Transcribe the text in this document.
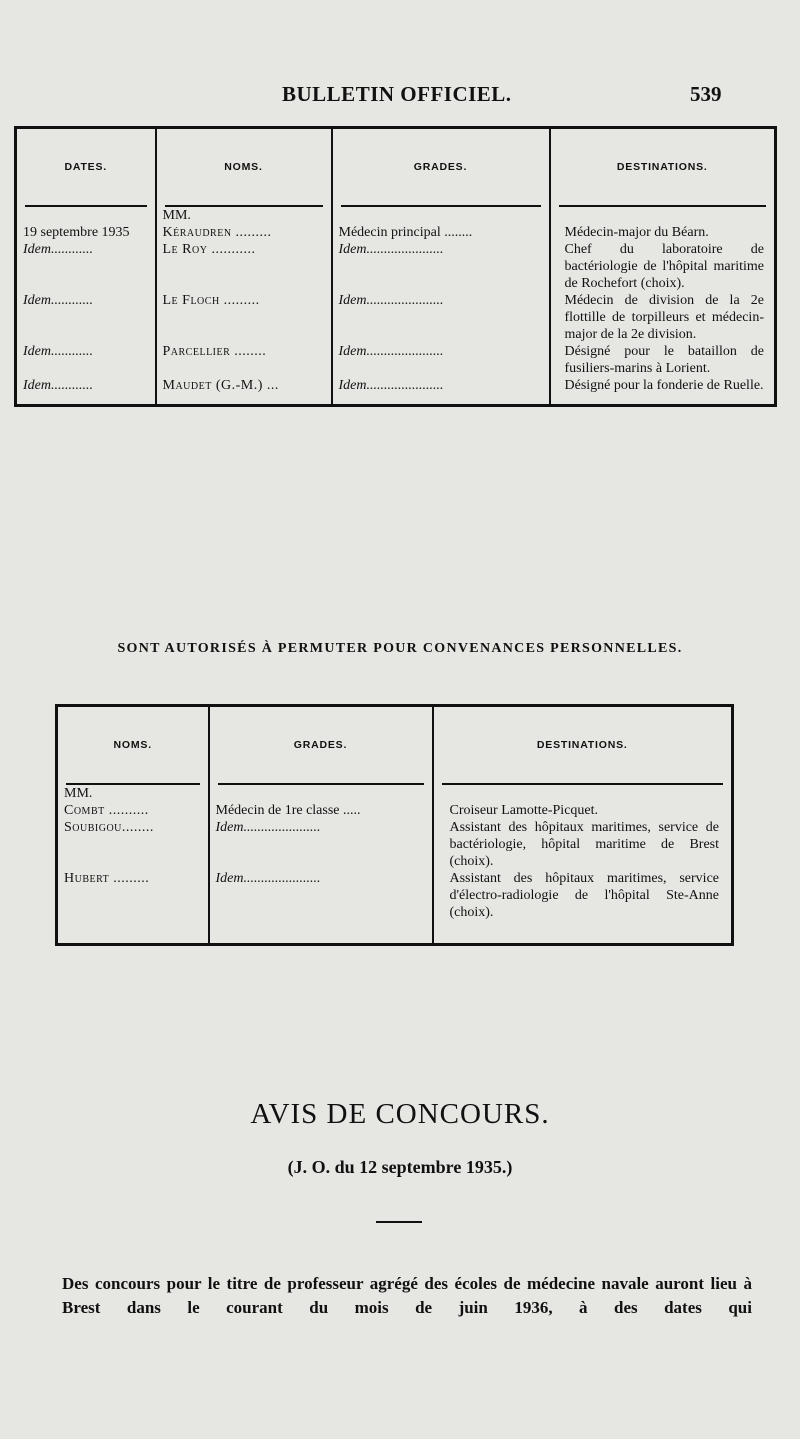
BULLETIN OFFICIEL.	539
DATES.	NOMS.	GRADES.	DESTINATIONS.
	MM.		
19 septembre 1935	Kéraudren .........	Médecin principal ........	Médecin-major du Béarn.
Idem............	Le Roy ...........	Idem......................	Chef du laboratoire de bactériologie de l'hôpital maritime de Rochefort (choix).
Idem............	Le Floch .........	Idem......................	Médecin de division de la 2e flottille de torpilleurs et médecin-major de la 2e division.
Idem............	Parcellier ........	Idem......................	Désigné pour le bataillon de fusiliers-marins à Lorient.
Idem............	Maudet (G.-M.) ...	Idem......................	Désigné pour la fonderie de Ruelle.

SONT AUTORISÉS À PERMUTER POUR CONVENANCES PERSONNELLES.
NOMS.	GRADES.	DESTINATIONS.
MM.		
Combt ..........	Médecin de 1re classe .....	Croiseur Lamotte-Picquet.
Soubigou........	Idem......................	Assistant des hôpitaux maritimes, service de bactériologie, hôpital maritime de Brest (choix).
Hubert .........	Idem......................	Assistant des hôpitaux maritimes, service d'électro-radiologie de l'hôpital Ste-Anne (choix).

AVIS DE CONCOURS.
(J. O. du 12 septembre 1935.)
Des concours pour le titre de professeur agrégé des écoles de médecine navale auront lieu à Brest dans le courant du mois de juin 1936, à des dates qui
